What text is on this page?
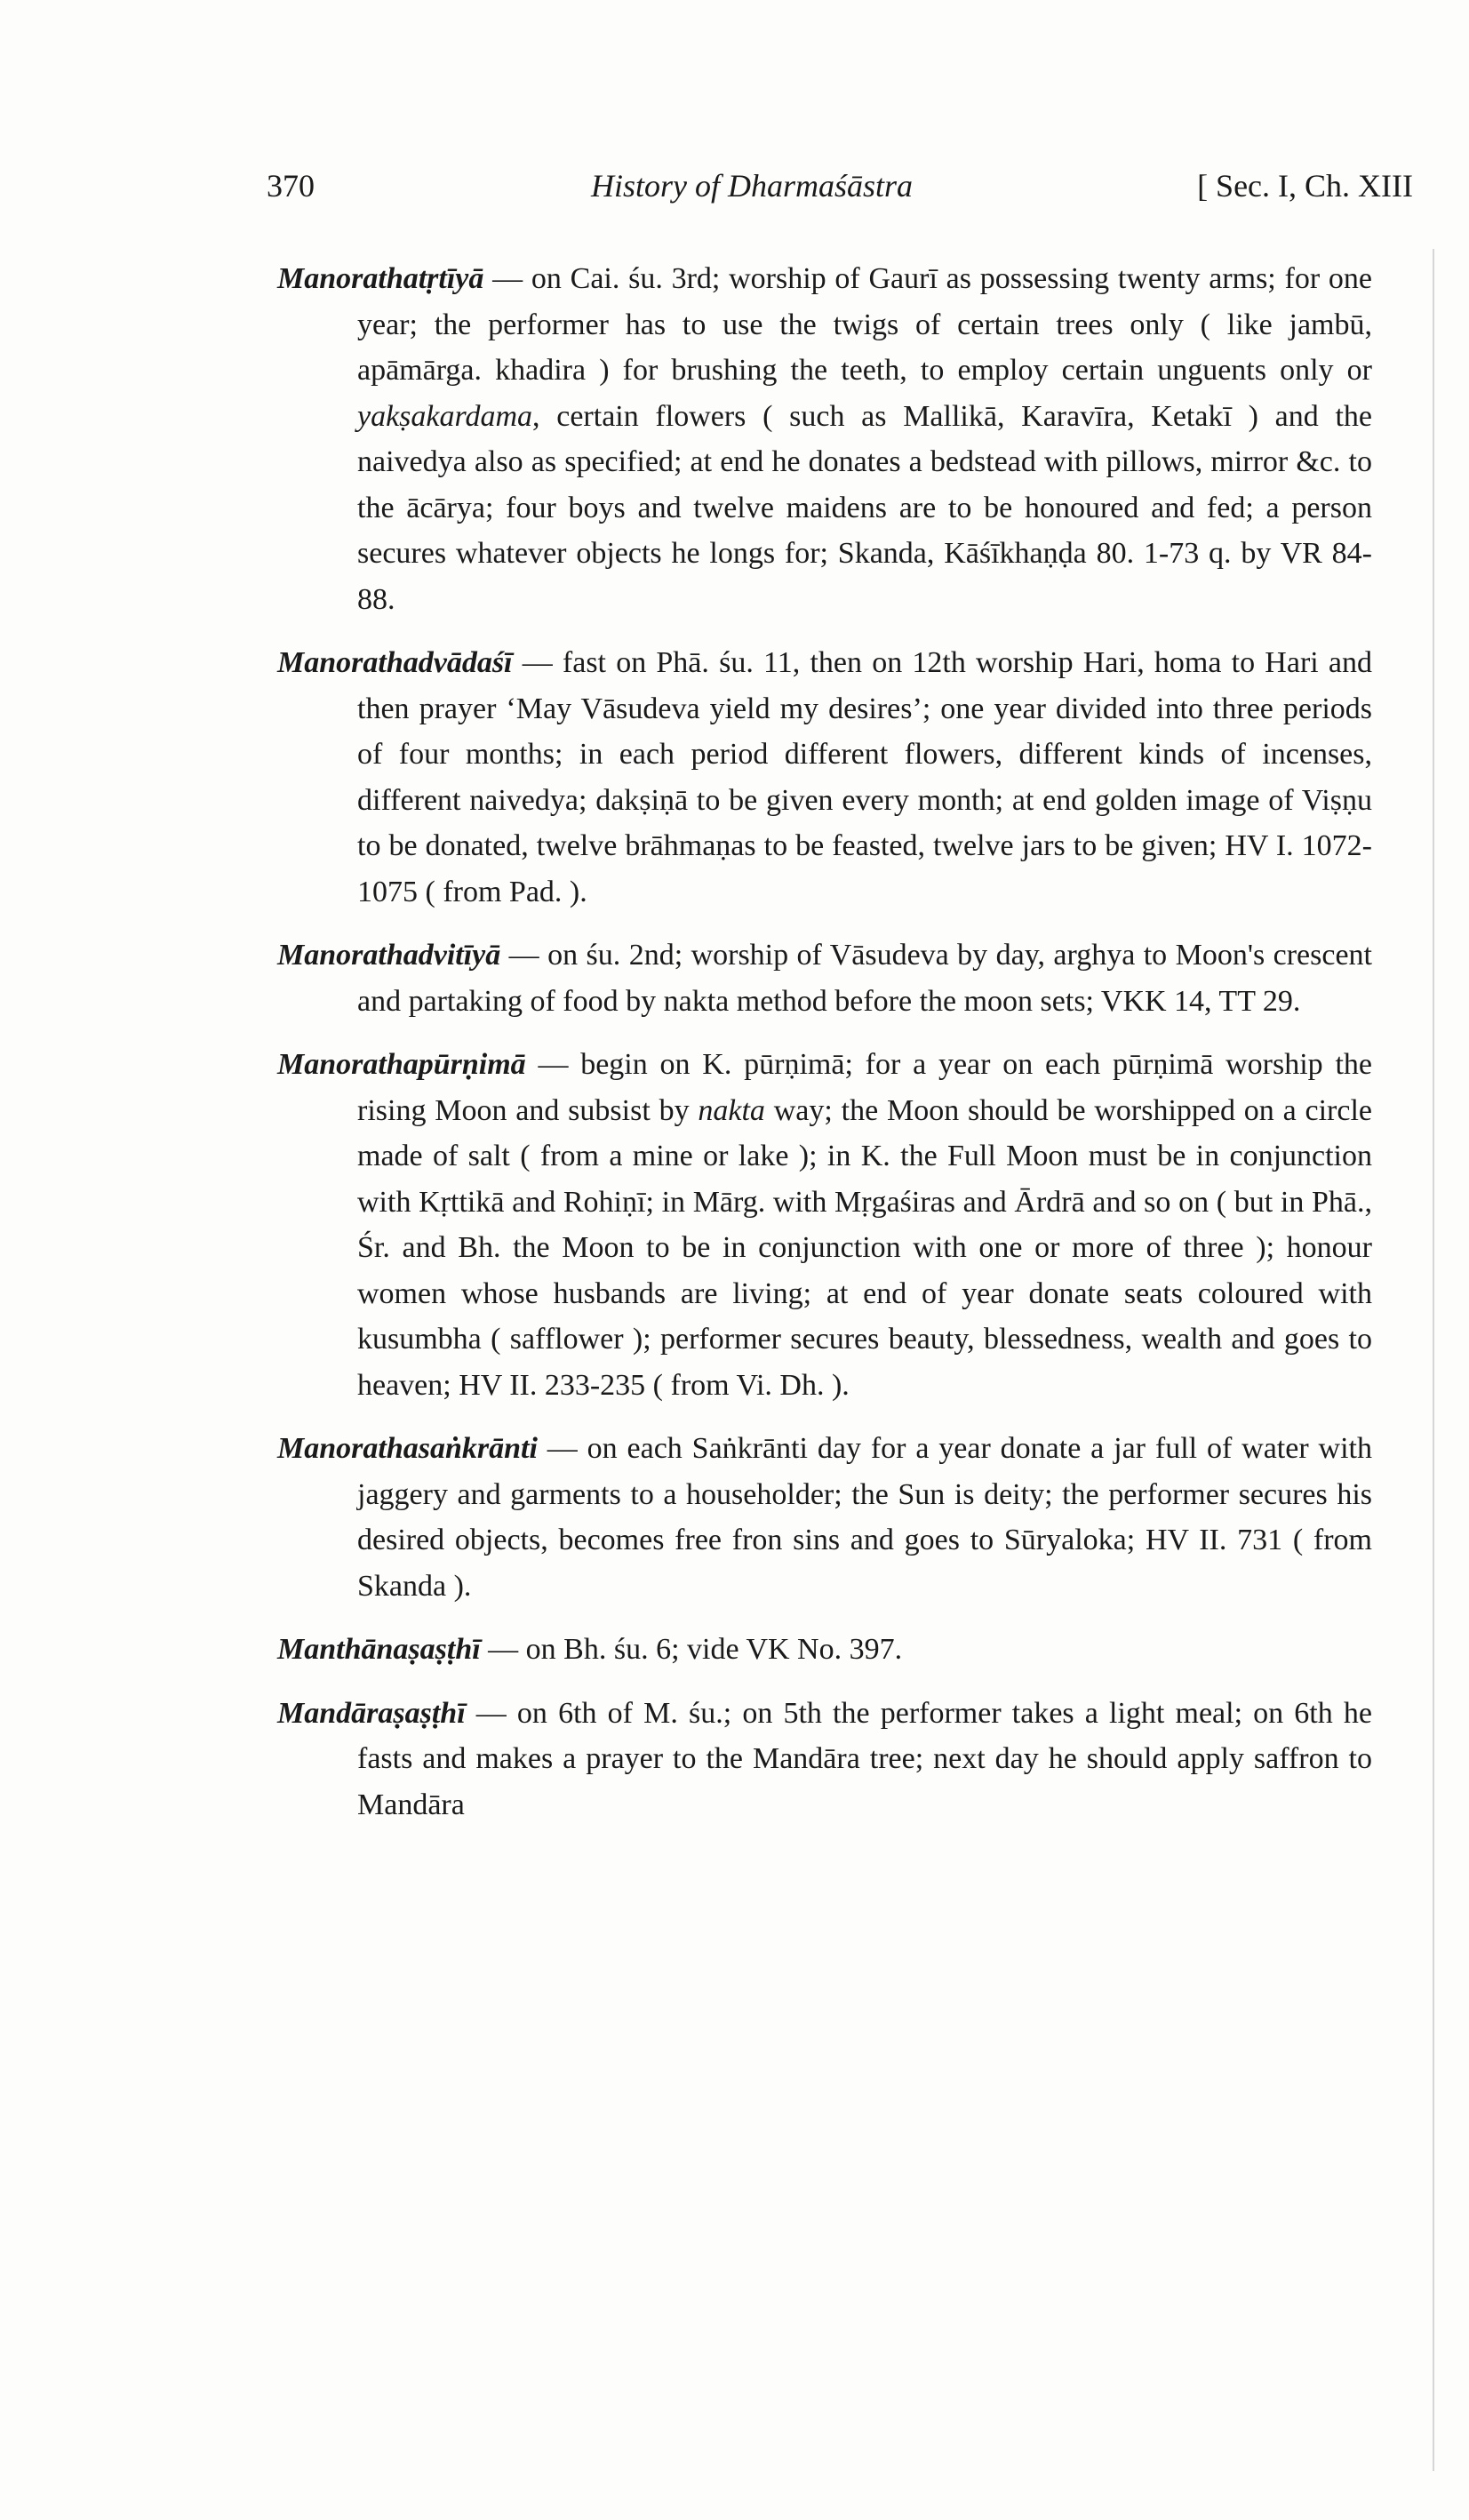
370	History of Dharmaśāstra	[ Sec. I, Ch. XIII

Manorathatṛtīyā — on Cai. śu. 3rd; worship of Gaurī as possessing twenty arms; for one year; the performer has to use the twigs of certain trees only ( like jambū, apāmārga. khadira ) for brushing the teeth, to employ certain unguents only or yakṣakardama, certain flowers ( such as Mallikā, Karavīra, Ketakī ) and the naivedya also as specified; at end he donates a bedstead with pillows, mirror &c. to the ācārya; four boys and twelve maidens are to be honoured and fed; a person secures whatever objects he longs for; Skanda, Kāśīkhaṇḍa 80. 1-73 q. by VR 84-88.

Manorathadvādaśī — fast on Phā. śu. 11, then on 12th worship Hari, homa to Hari and then prayer ‘May Vāsudeva yield my desires’; one year divided into three periods of four months; in each period different flowers, different kinds of incenses, different naivedya; dakṣiṇā to be given every month; at end golden image of Viṣṇu to be donated, twelve brāhmaṇas to be feasted, twelve jars to be given; HV I. 1072-1075 ( from Pad. ).

Manorathadvitīyā — on śu. 2nd; worship of Vāsudeva by day, arghya to Moon's crescent and partaking of food by nakta method before the moon sets; VKK 14, TT 29.

Manorathapūrṇimā — begin on K. pūrṇimā; for a year on each pūrṇimā worship the rising Moon and subsist by nakta way; the Moon should be worshipped on a circle made of salt ( from a mine or lake ); in K. the Full Moon must be in conjunction with Kṛttikā and Rohiṇī; in Mārg. with Mṛgaśiras and Ārdrā and so on ( but in Phā., Śr. and Bh. the Moon to be in conjunction with one or more of three ); honour women whose husbands are living; at end of year donate seats coloured with kusumbha ( safflower ); performer secures beauty, blessedness, wealth and goes to heaven; HV II. 233-235 ( from Vi. Dh. ).

Manorathasaṅkrānti — on each Saṅkrānti day for a year donate a jar full of water with jaggery and garments to a householder; the Sun is deity; the performer secures his desired objects, becomes free fron sins and goes to Sūryaloka; HV II. 731 ( from Skanda ).

Manthānaṣaṣṭhī — on Bh. śu. 6; vide VK No. 397.

Mandāraṣaṣṭhī — on 6th of M. śu.; on 5th the performer takes a light meal; on 6th he fasts and makes a prayer to the Mandāra tree; next day he should apply saffron to Mandāra
